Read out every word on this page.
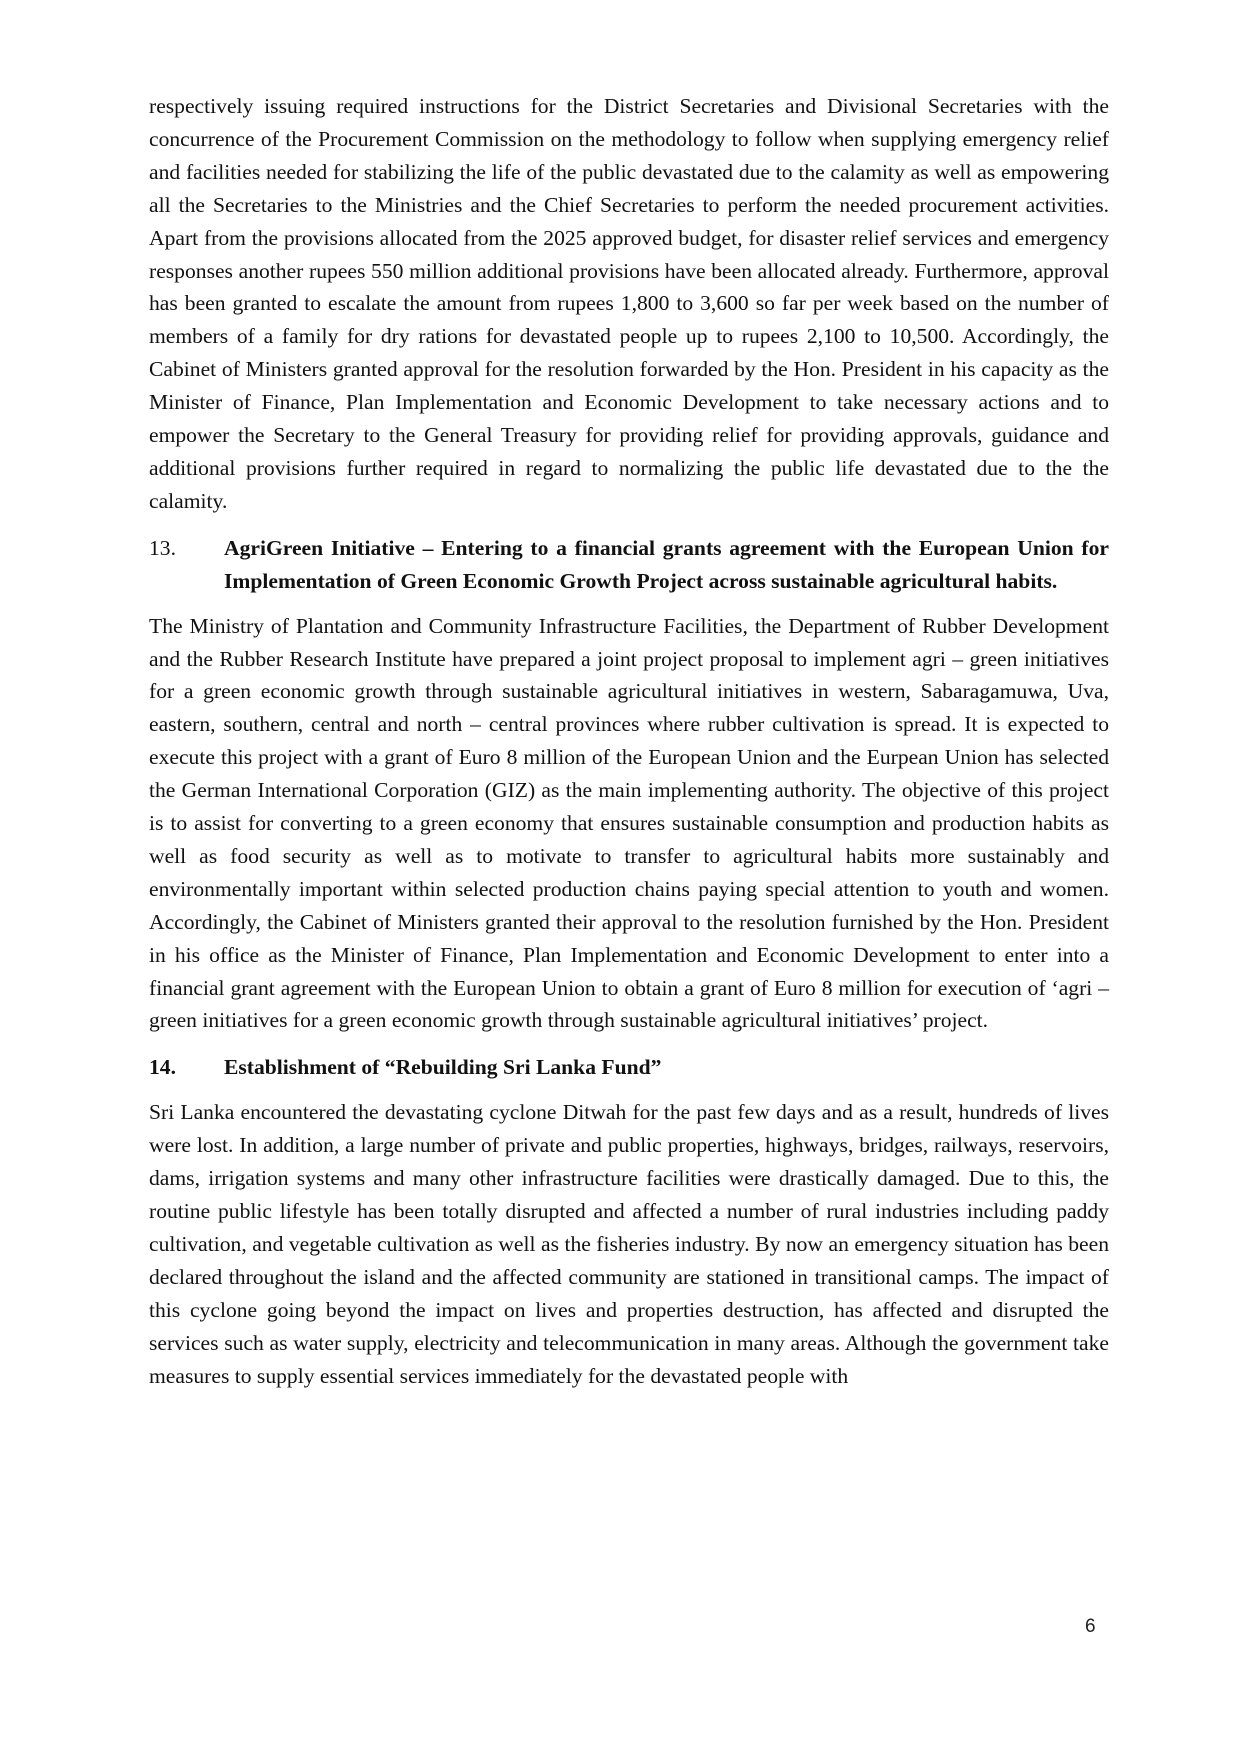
respectively issuing required instructions for the District Secretaries and Divisional Secretaries with the concurrence of the Procurement Commission on the methodology to follow when supplying emergency relief and facilities needed for stabilizing the life of the public devastated due to the calamity as well as empowering all the Secretaries to the Ministries and the Chief Secretaries to perform the needed procurement activities. Apart from the provisions allocated from the 2025 approved budget, for disaster relief services and emergency responses another rupees 550 million additional provisions have been allocated already. Furthermore, approval has been granted to escalate the amount from rupees 1,800 to 3,600 so far per week based on the number of members of a family for dry rations for devastated people up to rupees 2,100 to 10,500. Accordingly, the Cabinet of Ministers granted approval for the resolution forwarded by the Hon. President in his capacity as the Minister of Finance, Plan Implementation and Economic Development to take necessary actions and to empower the Secretary to the General Treasury for providing relief for providing approvals, guidance and additional provisions further required in regard to normalizing the public life devastated due to the the calamity.

13.	AgriGreen Initiative – Entering to a financial grants agreement with the European Union for Implementation of Green Economic Growth Project across sustainable agricultural habits.

The Ministry of Plantation and Community Infrastructure Facilities, the Department of Rubber Development and the Rubber Research Institute have prepared a joint project proposal to implement agri – green initiatives for a green economic growth through sustainable agricultural initiatives in western, Sabaragamuwa, Uva, eastern, southern, central and north – central provinces where rubber cultivation is spread. It is expected to execute this project with a grant of Euro 8 million of the European Union and the Eurpean Union has selected the German International Corporation (GIZ) as the main implementing authority. The objective of this project is to assist for converting to a green economy that ensures sustainable consumption and production habits as well as food security as well as to motivate to transfer to agricultural habits more sustainably and environmentally important within selected production chains paying special attention to youth and women. Accordingly, the Cabinet of Ministers granted their approval to the resolution furnished by the Hon. President in his office as the Minister of Finance, Plan Implementation and Economic Development to enter into a financial grant agreement with the European Union to obtain a grant of Euro 8 million for execution of ‘agri – green initiatives for a green economic growth through sustainable agricultural initiatives’ project.

14.	Establishment of “Rebuilding Sri Lanka Fund”

Sri Lanka encountered the devastating cyclone Ditwah for the past few days and as a result, hundreds of lives were lost. In addition, a large number of private and public properties, highways, bridges, railways, reservoirs, dams, irrigation systems and many other infrastructure facilities were drastically damaged. Due to this, the routine public lifestyle has been totally disrupted and affected a number of rural industries including paddy cultivation, and vegetable cultivation as well as the fisheries industry. By now an emergency situation has been declared throughout the island and the affected community are stationed in transitional camps. The impact of this cyclone going beyond the impact on lives and properties destruction, has affected and disrupted the services such as water supply, electricity and telecommunication in many areas. Although the government take measures to supply essential services immediately for the devastated people with

6
